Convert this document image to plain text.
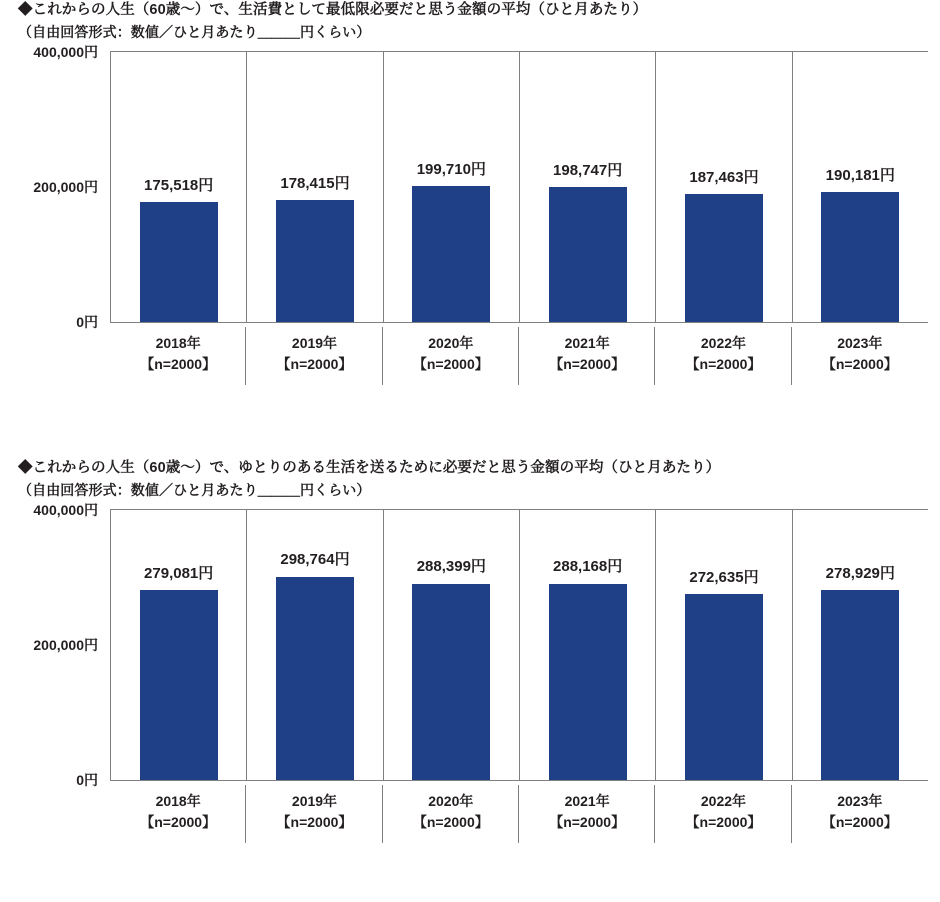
◆これからの人生（60歳～）で、生活費として最低限必要だと思う金額の平均（ひと月あたり）
（自由回答形式：数値／ひと月あたり＿＿＿円くらい）
400,000円
200,000円
0円
175,518円	178,415円
199,710円	198,747円	187,463円	190,181円
2018年
【n=2000】
2019年
【n=2000】
2020年
【n=2000】
2021年
【n=2000】
2022年
【n=2000】
2023年
【n=2000】
◆これからの人生（60歳～）で、ゆとりのある生活を送るために必要だと思う金額の平均（ひと月あたり）
（自由回答形式：数値／ひと月あたり＿＿＿円くらい）
400,000円
200,000円
0円
279,081円
298,764円	288,399円	288,168円
272,635円	278,929円
2018年
【n=2000】
2019年
【n=2000】
2020年
【n=2000】
2021年
【n=2000】
2022年
【n=2000】
2023年
【n=2000】
